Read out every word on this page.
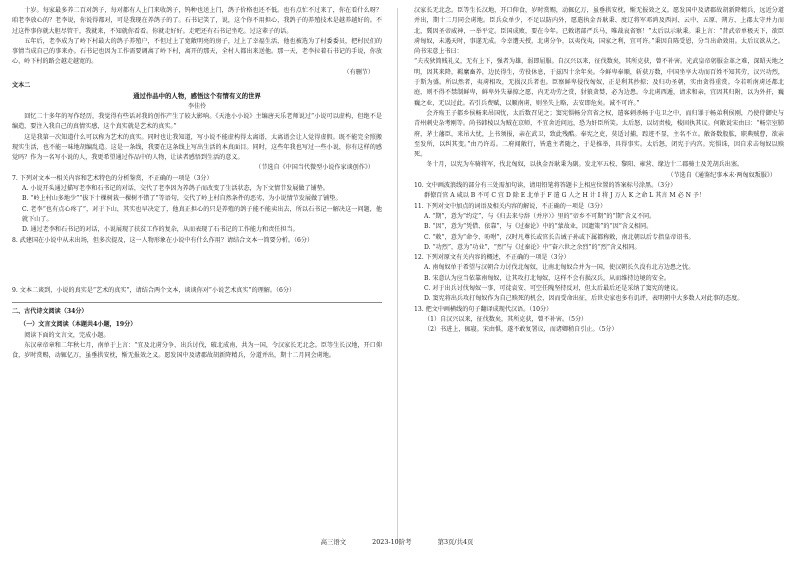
十岁。每家最多养二百对鸽子，每对都有人上门来收鸽子，钨种也送上门，鸽子价格也还不低。也有点忙不过来了，你在看什么呀？咱老李放心的？老李说，你说得都对，可是我现在养鸽子的了。石书记笑了，说，这个你不用担心，我鸽子的养殖技术是越养越好的。不过这件事你就大胆尽管干，我就来，不知就你看看。你就走好好。走吧还有石书记坐吃。过这辈子的话。

五年后，老李成为了岭下村最大的鸽子养殖户，不但过上了宽敞明亮的房子，过上了幸福生活，他也被选为了村委委员，把村民们的事情当成自己的事来办。石书记也因为工作需要调离了岭下村，离开的那天，全村人都出来送他。那一天，老李拉着石书记的手说，你放心，岭下村的路会越走越宽的。

（有删节）

文本二

通过作品中的人物，感悟这个有情有义的世界

李佳伶

回忆二十多年的写作经历，我觉得有些话对我的创作产生了较大影响。《天池小小说》主编唐天乐老师说过“小说可以虚构，但绝不是编造，要注入我自己的真情实感，这个真实就是艺术的真实。”

这是我第一次知道什么可以称为艺术的真实。同时也让我知道，写小说不能虚构得太离谱，太离谱会让人觉得虚假。既不能完全照搬现实生活，也不能一味地胡编乱造。这是一条线，我要在这条线上写出生活的本真面目。同时，这些年我也写过一些小说，你有这样的感觉吗？作为一名写小说的人，我更希望通过作品中的人物，让读者感悟到生活的意义。

（节选自《中国当代微型小说作家谈创作》）

7. 下列对文本一相关内容和艺术特色的分析鉴赏，不正确的一项是（3分）

A. 小说开头通过描写老李和石书记的对话，交代了老李因为养鸽子而改变了生活状态，为下文情节发展做了铺垫。

B. “岭上村山多地少”“拔下十棵树栽一棵树不错了”等语句，交代了岭上村自然条件的恶劣，为小说情节发展做了铺垫。

C. 老李“也有点心疼了”，对于下山，其实也早决定了，他真正担心的只是养殖的鸽子能不能卖出去，所以石书记一解决这一问题，他就下山了。

D. 通过老李和石书记的对话，小说展现了扶贫工作的复杂，从而表现了石书记的工作能力和责任担当。

8. 武建国在小说中从未出场，但多次提及，这一人物形象在小说中有什么作用？请结合文本一简要分析。（6分）

9. 文本二谈到，小说的真实是“艺术的真实”，请结合两个文本，谈谈你对“小说艺术真实”的理解。（6分）

二、古代诗文阅读（34分）

（一）文言文阅读（本题共4小题，19分）

阅读下面的文言文，完成小题。

东汉章帝章和二年秋七月，南单于上言：“宜及北虏分争，出兵讨伐，破北成南，共为一国，令汉家长无北念。臣等生长汉地，开口仰食，岁时赏赐，动辄亿万，虽垂拱安枕，惭无报效之义。愿发国中及诸郡故胡新降精兵，分道并出，期十二月同会虏地。

汉家长无北念。臣等生长汉地，开口仰食，岁时赏赐，动辄亿万，虽垂拱安枕，惭无报效之义。愿发国中及诸郡故胡新降精兵，远近分道并出，期十二月同会虏地。臣兵众单少，不足以防内外，愿遣执金吾耿秉、度辽将军邓鸿及西河、云中、五原、朔方、上郡太守并力而北，冀因圣帝威神，一举平定。臣国成败，要在今年。已敕诸部严兵马，唯裁哀省察！”太后以示耿秉。秉上言：“昔武帝单极天下，欲臣虏匈奴，未遇天时，事遂无成。今幸遭天授，北虏分争，以夷伐夷，国家之利，宜可许。”秉因自陈受恩，分当出命效用。太后议欲从之。尚书宋意上书曰：

“夫戎狄简贱礼义，无有上下，强者为雄，弱即屈服。自汉兴以来，征伐数矣，其所克获，曾不补害。光武皇帝躬服金革之难，深昭天地之明，因其来降，羁縻畜养，边民得生，劳役休息，于兹四十余年矣。今鲜卑奉顺，斩获万数，中国坐享大功而百姓不知其劳，汉兴功烈，于斯为盛。所以然者，夷虏相攻，无损汉兵者也。臣察鲜卑侵伐匈奴，正是利其抄掠；及归功圣朝，实由贪得重赏。今若听南虏还都北庭，则不得不禁制鲜卑，鲜卑外失暴掠之愿，内无功劳之赏，豺狼贪婪，必为边患。今北虏西遁，请求和亲，宜因其归附，以为外扞，巍巍之业，无以过此。若引兵费赋，以顺南虏，则坐失上略，去安即危矣。诚不可许。”

会齐殇王子都乡侯畅来吊国忧，太后数召见之；窦宪惧畅分宫省之权，遣客刺杀畅于屯卫之中，而归罪于畅弟利侯刚，乃使侍御史与青州刺史杂考刚等。尚书韩棱以为贼在京师，不宜舍近问远，恐为奸臣所笑。太后怒，以切责棱，棱固执其议。何敞说宋由曰：“畅宗室肺府，茅土藩臣，来吊大忧，上书须报，亲在武卫，致此残酷。奉宪之吏，莫适讨捕，踪迹不显，主名不立。敞备数股肱，职典贼曹，欲亲至发所，以纠其变。”由乃许焉。二府闻敞行，皆遣主者随之，于是推举，具得事实。太后怒，闭宪于内宫。宪惧诛，因自求击匈奴以赎死。

冬十月，以宪为车骑将军，伐北匈奴，以执金吾耿秉为副。发北军五校、黎阳、雍营、缘边十二郡骑士及羌胡兵出塞。

（节选自《通鉴纪事本末·两匈奴叛服》）

10. 文中画波浪线的部分有三处需加句读，请用铅笔将答题卡上相应位置的答案标号涂黑。（3分）

群僚百官 A 咸以 B 不可 C 宜 D 除 E 北单于 F 遣 G 人之 H 计 I 将 J 万人 K 之命 L 其言 M 必 N 予！

11. 下列对文中加点的词语及相关内容的解说，不正确的一项是（3分）

A. “期”，意为“约定”，与《归去来兮辞（并序）》里的“帝乡不可期”的“期”含义不同。

B. “因”，意为“凭借、依靠”，与《过秦论》中的“蒙故业，因遗策”的“因”含义相同。

C. “敕”，意为“命令、吩咐”，汉时凡尊长或官长告诫子孙或下属都称敕，南北朝以后专指皇帝诏书。

D. “功烈”，意为“功业”，“烈”与《过秦论》中“奋六世之余烈”的“烈”含义相同。

12. 下列对原文有关内容的概述，不正确的一项是（3分）

A. 南匈奴单于希望与汉朝合力讨伐北匈奴，让南北匈奴合并为一国，使汉朝长久没有北方边患之忧。

B. 宋意认为应当依靠南匈奴，让其攻打北匈奴，这样不会有损汉兵，从而维持边境的安全。

C. 对于出兵讨伐匈奴一事，可徒袁安、可空任隗坚持反对，但太后最后还是采纳了窦宪的建议。

D. 窦宪将出兵攻打匈奴作为自己赎死的机会，因而受命出征，后世史家也多有讥评，表明朝中大多数人对此事的态度。

13. 把文中画横线的句子翻译成现代汉语。（10分）

（1）自汉兴以来，征伐数矣，其所克获，曾不补害。（5分）

（2）书进上，辄寝。宋由惧，遂不敢复署议，而诸卿稍自引止。（5分）

高三语文	2023-10阶考	第3页/共4页
